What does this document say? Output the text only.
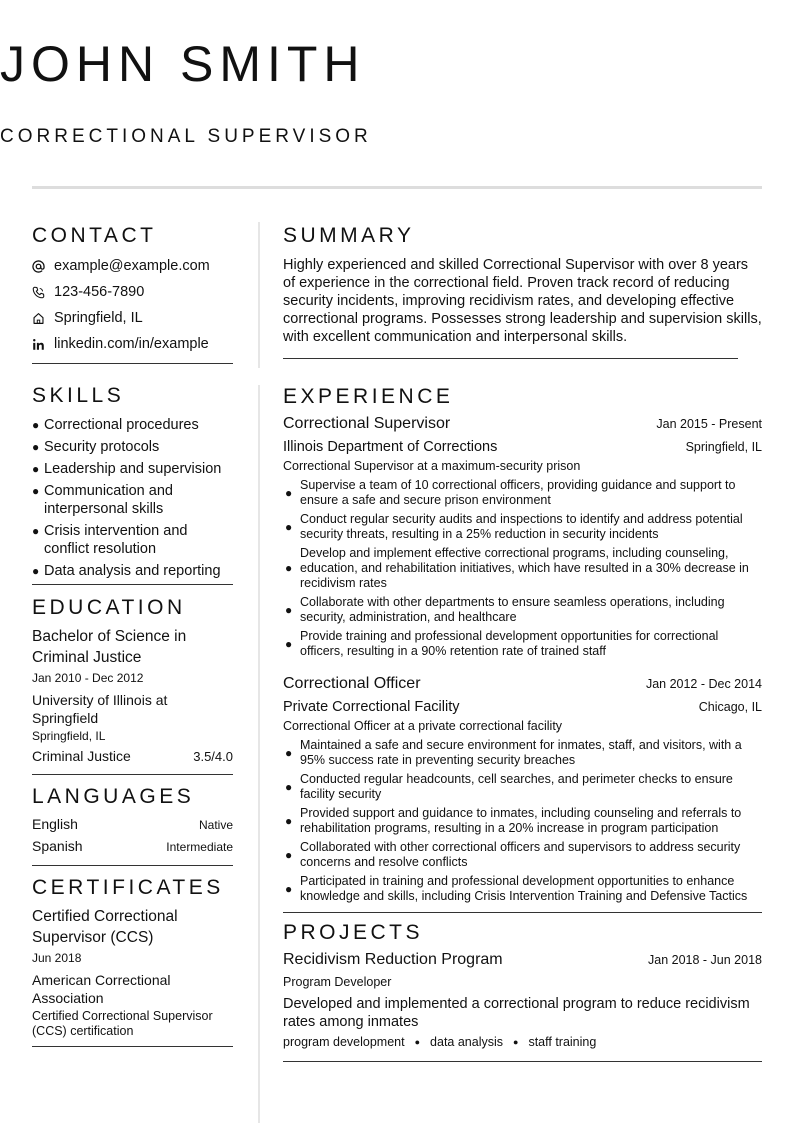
JOHN SMITH
CORRECTIONAL SUPERVISOR
CONTACT
example@example.com
123-456-7890
Springfield, IL
linkedin.com/in/example
SKILLS
● Correctional procedures
● Security protocols
● Leadership and supervision
● Communication and interpersonal skills
● Crisis intervention and conflict resolution
● Data analysis and reporting
EDUCATION
Bachelor of Science in Criminal Justice
Jan 2010 - Dec 2012
University of Illinois at Springfield
Springfield, IL
Criminal Justice	3.5/4.0
LANGUAGES
English	Native
Spanish	Intermediate
CERTIFICATES
Certified Correctional Supervisor (CCS)
Jun 2018
American Correctional Association
Certified Correctional Supervisor (CCS) certification
SUMMARY
Highly experienced and skilled Correctional Supervisor with over 8 years of experience in the correctional field. Proven track record of reducing security incidents, improving recidivism rates, and developing effective correctional programs. Possesses strong leadership and supervision skills, with excellent communication and interpersonal skills.
EXPERIENCE
Correctional Supervisor	Jan 2015 - Present
Illinois Department of Corrections	Springfield, IL
Correctional Supervisor at a maximum-security prison
●
Supervise a team of 10 correctional officers, providing guidance and support to ensure a safe and secure prison environment
●
Conduct regular security audits and inspections to identify and address potential security threats, resulting in a 25% reduction in security incidents
●
Develop and implement effective correctional programs, including counseling, education, and rehabilitation initiatives, which have resulted in a 30% decrease in recidivism rates
●
Collaborate with other departments to ensure seamless operations, including security, administration, and healthcare
●
Provide training and professional development opportunities for correctional officers, resulting in a 90% retention rate of trained staff
Correctional Officer	Jan 2012 - Dec 2014
Private Correctional Facility	Chicago, IL
Correctional Officer at a private correctional facility
●
Maintained a safe and secure environment for inmates, staff, and visitors, with a 95% success rate in preventing security breaches
●
Conducted regular headcounts, cell searches, and perimeter checks to ensure facility security
●
Provided support and guidance to inmates, including counseling and referrals to rehabilitation programs, resulting in a 20% increase in program participation
●
Collaborated with other correctional officers and supervisors to address security concerns and resolve conflicts
●
Participated in training and professional development opportunities to enhance knowledge and skills, including Crisis Intervention Training and Defensive Tactics
PROJECTS
Recidivism Reduction Program	Jan 2018 - Jun 2018
Program Developer
Developed and implemented a correctional program to reduce recidivism rates among inmates
program development ● data analysis ● staff training
